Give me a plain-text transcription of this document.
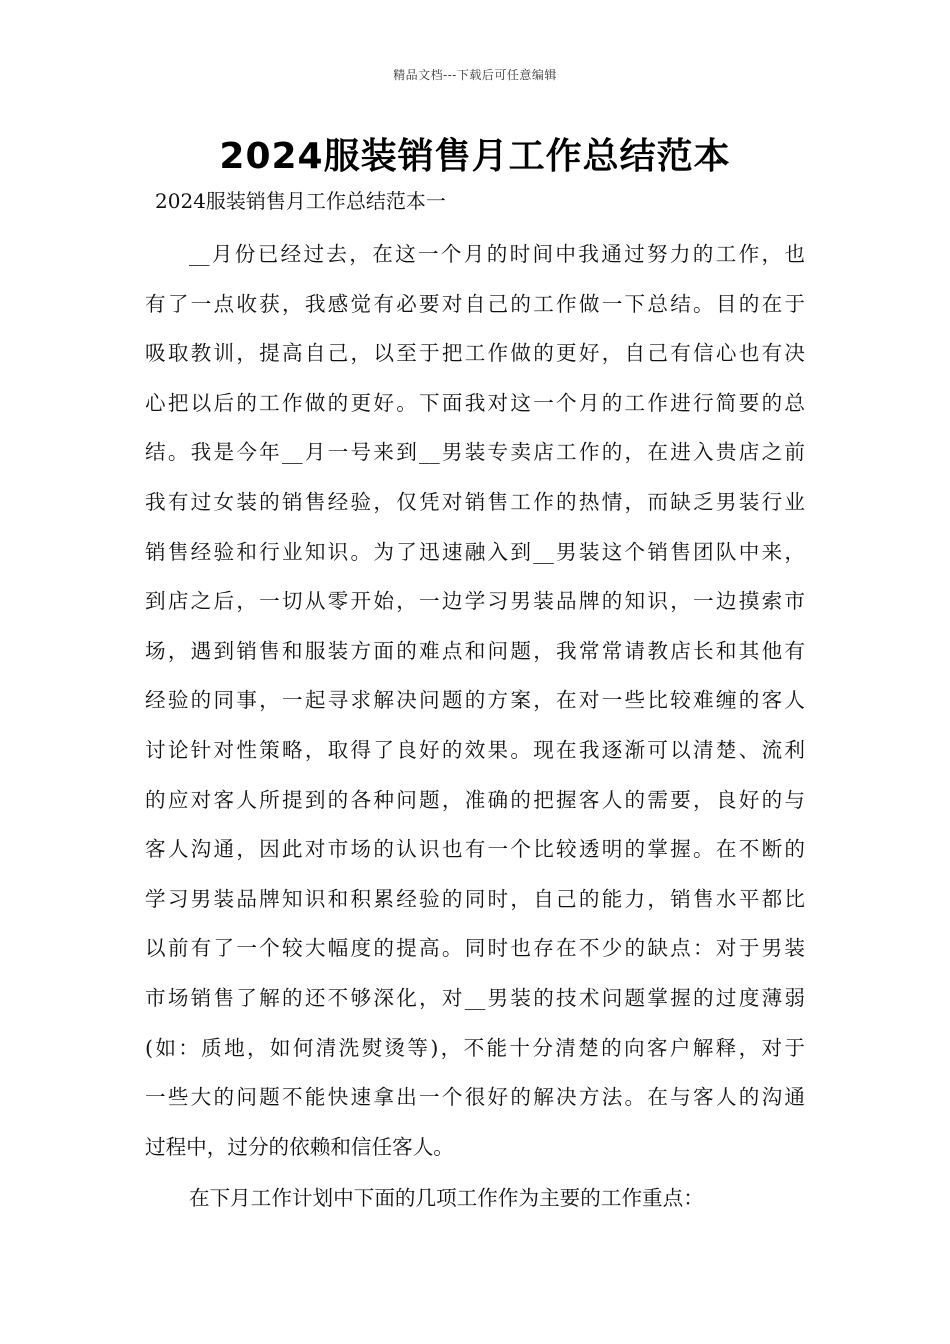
精品文档---下载后可任意编辑
2024服装销售月工作总结范本
2024服装销售月工作总结范本一
__月份已经过去，在这一个月的时间中我通过努力的工作，也
有了一点收获，我感觉有必要对自己的工作做一下总结。目的在于
吸取教训，提高自己，以至于把工作做的更好，自己有信心也有决
心把以后的工作做的更好。下面我对这一个月的工作进行简要的总
结。我是今年__月一号来到__男装专卖店工作的，在进入贵店之前
我有过女装的销售经验，仅凭对销售工作的热情，而缺乏男装行业
销售经验和行业知识。为了迅速融入到__男装这个销售团队中来，
到店之后，一切从零开始，一边学习男装品牌的知识，一边摸索市
场，遇到销售和服装方面的难点和问题，我常常请教店长和其他有
经验的同事，一起寻求解决问题的方案，在对一些比较难缠的客人
讨论针对性策略，取得了良好的效果。现在我逐渐可以清楚、流利
的应对客人所提到的各种问题，准确的把握客人的需要，良好的与
客人沟通，因此对市场的认识也有一个比较透明的掌握。在不断的
学习男装品牌知识和积累经验的同时，自己的能力，销售水平都比
以前有了一个较大幅度的提高。同时也存在不少的缺点：对于男装
市场销售了解的还不够深化，对__男装的技术问题掌握的过度薄弱
(如：质地，如何清洗熨烫等)，不能十分清楚的向客户解释，对于
一些大的问题不能快速拿出一个很好的解决方法。在与客人的沟通
过程中，过分的依赖和信任客人。
在下月工作计划中下面的几项工作作为主要的工作重点：
